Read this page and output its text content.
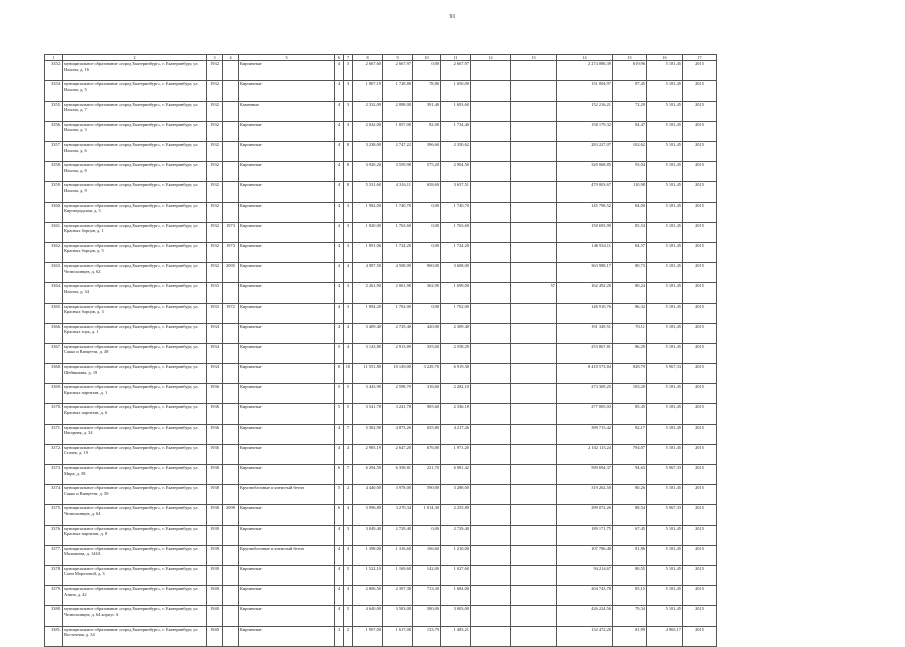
91
1	2	3	4	5	6	7	8	9	10	11	12	13	14	15	16	17
3352.	муниципальное образование «город Екатеринбург», г. Екатеринбург, ул. Ильича, д. 16	1932		Кирпичные	4	3	2 667,60	2 667,97	0,00	2 667,97			2 274 086,39	619,96	5 181,45	2015
3354.	муниципальное образование «город Екатеринбург», г. Екатеринбург, ул. Ильича, д. 5	1932		Кирпичные	4	3	1 807,19	1 728,80	78,80	1 650,00			151 004,97	87,45	5 181,45	2015
3355.	муниципальное образование «город Екатеринбург», г. Екатеринбург, ул. Ильича, д. 7	1932		Каменные	4	3	2 332,09	2 088,00	391,40	1 693,60			152 216,21	72,29	5 181,45	2015
3356.	муниципальное образование «город Екатеринбург», г. Екатеринбург, ул. Ильича, д. 3	1932		Кирпичные	4	3	2 042,00	1 857,00	82,00	1 734,40			158 179,32	84,47	5 181,45	2015
3357.	муниципальное образование «город Екатеринбург», г. Екатеринбург, ул. Ильича, д. 6	1932		Кирпичные	4	8	3 238,00	2 747,22	396,60	2 350,62			283 227,07	102,62	5 181,45	2015
3358.	муниципальное образование «город Екатеринбург», г. Екатеринбург, ул. Ильича, д. 8	1932		Кирпичные	4	8	3 920,20	3 559,98	575,20	2 904,50			320 068,85	93,04	5 181,45	2015
3359.	муниципальное образование «город Екатеринбург», г. Екатеринбург, ул. Ильича, д. 9	1932		Кирпичные	4	8	5 331,60	4 316,11	658,60	3 657,51			479 003,67	110,98	5 181,45	2015
3360.	муниципальное образование «город Екатеринбург», г. Екатеринбург, ул. Кировградская, д. 5	1932		Кирпичные	4	3	1 982,00	1 740,70	0,00	1 740,70			145 798,52	84,00	5 181,45	2015
3361.	муниципальное образование «город Екатеринбург», г. Екатеринбург, ул. Красных борцов, д. 1	1932	1973	Кирпичные	4	3	1 820,00	1 763,60	0,00	1 763,60			150 695,90	85,54	5 181,45	2015
3362.	муниципальное образование «город Екатеринбург», г. Екатеринбург, ул. Красных борцов, д. 5	1932	1973	Кирпичные	4	3	1 891,06	1 724,20	0,00	1 724,20			146 934,11	84,57	5 181,45	2015
3363.	муниципальное образование «город Екатеринбург», г. Екатеринбург, ул. Челюскинцев, д. 62	1932	2005	Кирпичные	4	4	4 987,50	4 508,00	900,00	3 608,00			363 988,17	80,73	5 181,45	2015
3364.	муниципальное образование «город Екатеринбург», г. Екатеринбург, ул. Ильича, д. 34	1933		Кирпичные	4	3	2 261,90	2 061,90	362,90	1 699,00		57	162 492,20	80,24	5 181,45	2015
3365.	муниципальное образование «город Екатеринбург», г. Екатеринбург, ул. Красных борцов, д. 3	1933	1972	Кирпичные	4	3	1 894,20	1 702,00	0,00	1 702,00			146 910,76	86,32	5 181,45	2015
3366.	муниципальное образование «город Екатеринбург», г. Екатеринбург, ул. Красных зорь, д. 1	1934		Кирпичные	4	4	3 409,40	2 729,40	420,00	2 309,40			191 349,51	70,11	5 181,45	2015
3367.	муниципальное образование «город Екатеринбург», г. Екатеринбург, ул. Сакко и Ванцетти, д. 48	1934		Кирпичные	5	4	3 143,80	2 913,89	355,60	2 558,29			253 867,81	86,29	5 181,45	2015
3368.	муниципальное образование «город Екатеринбург», г. Екатеринбург, ул. Шейнкмана, д. 19	1934		Кирпичные	8	10	11 551,80	10 149,00	3 229,70	6 919,30			8 410 573,84	828,79	5 967,33	2015
3369.	муниципальное образование «город Екатеринбург», г. Екатеринбург, ул. Красных партизан, д. 1	1936		Кирпичные	5	5	3 443,90	2 598,70	316,60	2 282,10			273 369,25	105,20	5 181,45	2015
3370.	муниципальное образование «город Екатеринбург», г. Екатеринбург, ул. Красных партизан, д. 6	1936		Кирпичные	5	5	3 541,78	3 241,78	905,60	2 336,18			277 005,03	85,45	5 181,45	2015
3371.	муниципальное образование «город Екатеринбург», г. Екатеринбург, ул. Нагорная, д. 34	1936		Кирпичные	4	7	5 302,90	4 873,26	655,80	4 217,26			399 715,42	82,17	5 181,45	2015
3372.	муниципальное образование «город Екатеринбург», г. Екатеринбург, ул. Стачек, д. 19	1936		Кирпичные	4	4	2 985,19	2 647,20	676,00	1 971,20			2 102 115,24	794,07	5 181,45	2015
3373.	муниципальное образование «город Екатеринбург», г. Екатеринбург, ул. Мира, д. 38	1938		Кирпичные	6	7	6 294,50	6 358,81	221,70	6 081,42			599 694,37	94,63	5 967,33	2015
3374.	муниципальное образование «город Екатеринбург», г. Екатеринбург, ул. Сакко и Ванцетти, д. 58	1938		Крупноблочные и ячеистый бетон	5	2	4 440,00	3 978,00	590,00	3 288,00			319 262,50	80,26	5 181,45	2015
3375.	муниципальное образование «город Екатеринбург», г. Екатеринбург, ул. Челюскинцев, д. 64	1938	2008	Кирпичные	6	4	3 996,80	3 270,34	1 014,30	2 255,80			299 072,26	88,54	5 967,33	2015
3376.	муниципальное образование «город Екатеринбург», г. Екатеринбург, ул. Красных партизан, д. 8	1939		Кирпичные	4	3	3 049,40	2 729,40	0,00	2 729,40			189 171,75	67,45	5 181,45	2015
3377.	муниципальное образование «город Екатеринбург», г. Екатеринбург, ул. Малышева, д. 144А	1939		Крупноблочные и ячеистый бетон	4	3	1 398,00	1 316,60	106,60	1 210,00			107 786,40	81,96	5 181,45	2015
3378.	муниципальное образование «город Екатеринбург», г. Екатеринбург, ул. Сони Морозовой, д. 3	1939		Кирпичные	4	5	1 522,10	1 169,60	142,00	1 027,60			94 214,67	80,55	5 181,45	2015
3379.	муниципальное образование «город Екатеринбург», г. Екатеринбург, ул. Азина, д. 42	1940		Кирпичные	4	3	2 806,50	2 397,30	713,30	1 684,00			204 743,78	85,15	5 181,45	2015
3380.	муниципальное образование «город Екатеринбург», г. Екатеринбург, ул. Челюскинцев, д. 64 корпус А	1940		Кирпичные	4	5	4 640,00	3 583,00	580,00	3 003,00			426 224,56	79,34	5 181,45	2015
3381.	муниципальное образование «город Екатеринбург», г. Екатеринбург, ул. Восточная, д. 34	1940		Кирпичные	3	2	1 907,00	1 617,00	133,79	1 483,21			132 472,20	81,99	4 965,17	2015
